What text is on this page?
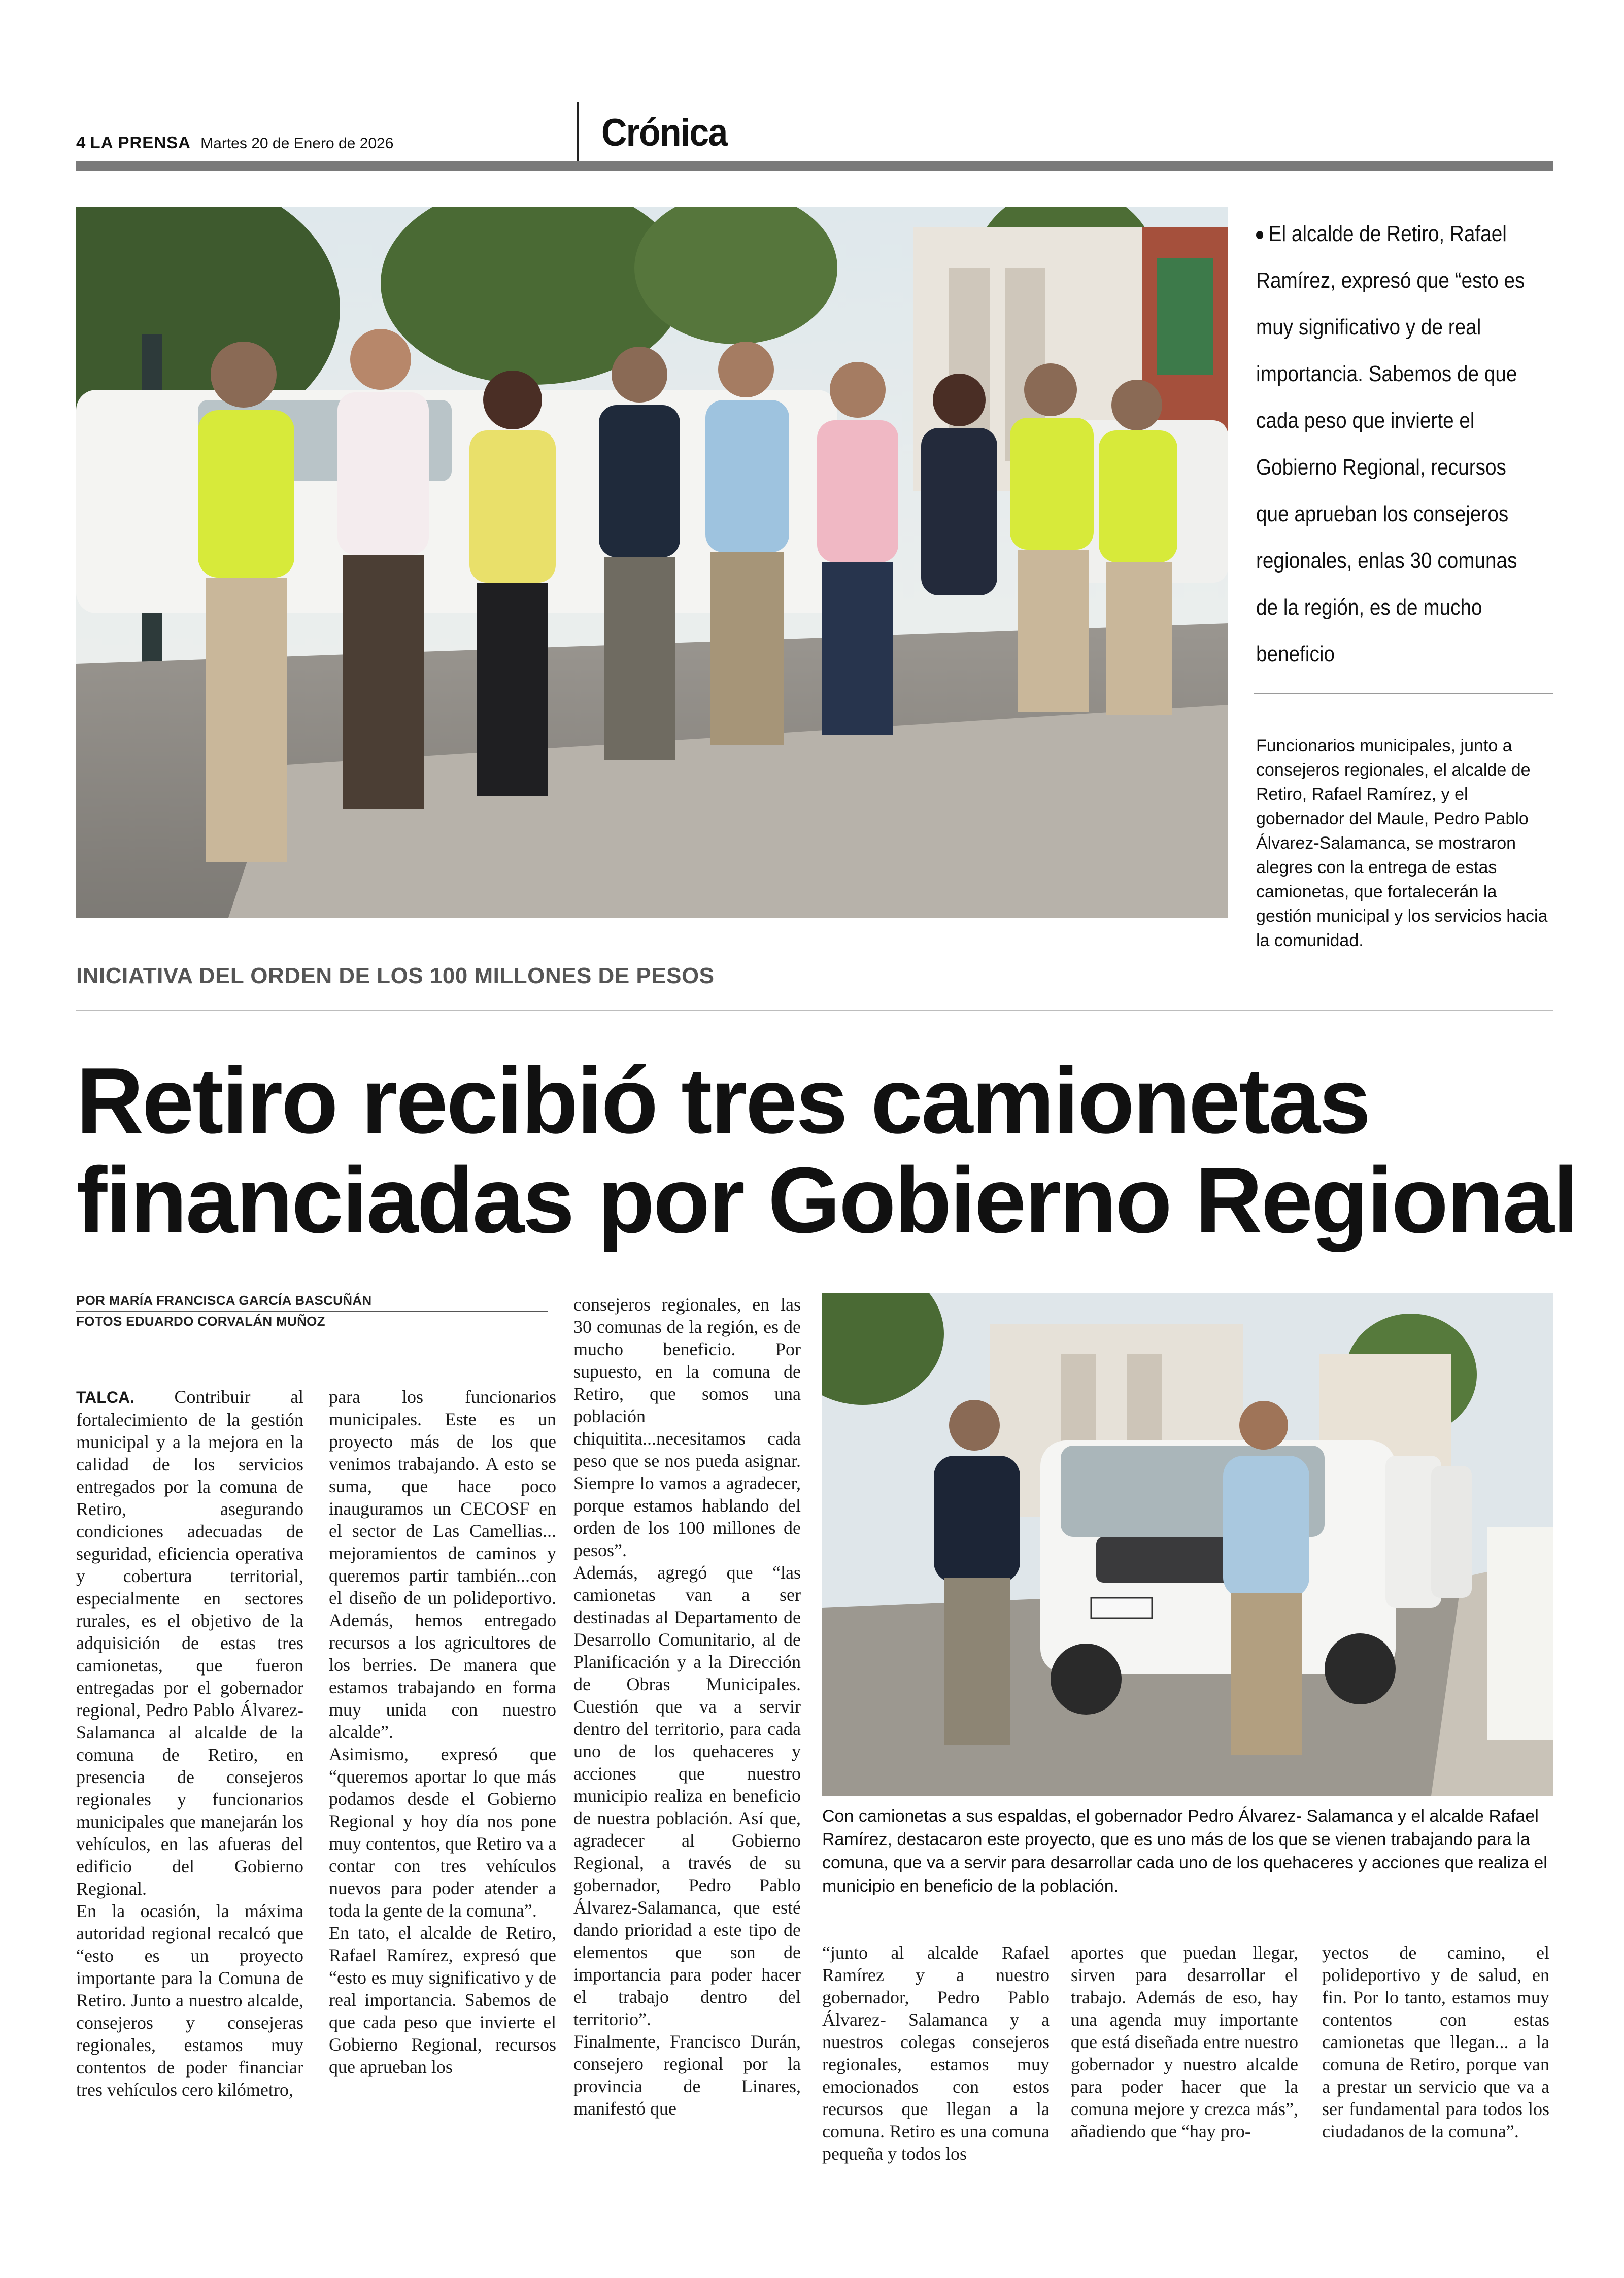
4 LA PRENSA Martes 20 de Enero de 2026	Crónica
El alcalde de Retiro, Rafael Ramírez, expresó que “esto es muy significativo y de real importancia. Sabemos de que cada peso que invierte el Gobierno Regional, recursos que aprueban los consejeros regionales, enlas 30 comunas de la región, es de mucho beneficio
Funcionarios municipales, junto a consejeros regionales, el alcalde de Retiro, Rafael Ramírez, y el gobernador del Maule, Pedro Pablo Álvarez-Salamanca, se mostraron alegres con la entrega de estas camionetas, que fortalecerán la gestión municipal y los servicios hacia la comunidad.
INICIATIVA DEL ORDEN DE LOS 100 MILLONES DE PESOS
Retiro recibió tres camionetas
financiadas por Gobierno Regional
POR MARÍA FRANCISCA GARCÍA BASCUÑÁN
FOTOS EDUARDO CORVALÁN MUÑOZ

TALCA. Contribuir al fortalecimiento de la gestión municipal y a la mejora en la calidad de los servicios entregados por la comuna de Retiro, asegurando condiciones adecuadas de seguridad, eficiencia operativa y cobertura territorial, especialmente en sectores rurales, es el objetivo de la adquisición de estas tres camionetas, que fueron entregadas por el gobernador regional, Pedro Pablo Álvarez-Salamanca al alcalde de la comuna de Retiro, en presencia de consejeros regionales y funcionarios municipales que manejarán los vehículos, en las afueras del edificio del Gobierno Regional.

En la ocasión, la máxima autoridad regional recalcó que “esto es un proyecto importante para la Comuna de Retiro. Junto a nuestro alcalde, consejeros y consejeras regionales, estamos muy contentos de poder financiar tres vehículos cero kilómetro,

para los funcionarios municipales. Este es un proyecto más de los que venimos trabajando. A esto se suma, que hace poco inauguramos un CECOSF en el sector de Las Camellias... mejoramientos de caminos y queremos partir también...con el diseño de un polideportivo. Además, hemos entregado recursos a los agricultores de los berries. De manera que estamos trabajando en forma muy unida con nuestro alcalde”.

Asimismo, expresó que “queremos aportar lo que más podamos desde el Gobierno Regional y hoy día nos pone muy contentos, que Retiro va a contar con tres vehículos nuevos para poder atender a toda la gente de la comuna”.

En tato, el alcalde de Retiro, Rafael Ramírez, expresó que “esto es muy significativo y de real importancia. Sabemos de que cada peso que invierte el Gobierno Regional, recursos que aprueban los

consejeros regionales, en las 30 comunas de la región, es de mucho beneficio. Por supuesto, en la comuna de Retiro, que somos una población chiquitita...necesitamos cada peso que se nos pueda asignar. Siempre lo vamos a agradecer, porque estamos hablando del orden de los 100 millones de pesos”.

Además, agregó que “las camionetas van a ser destinadas al Departamento de Desarrollo Comunitario, al de Planificación y a la Dirección de Obras Municipales. Cuestión que va a servir dentro del territorio, para cada uno de los quehaceres y acciones que nuestro municipio realiza en beneficio de nuestra población. Así que, agradecer al Gobierno Regional, a través de su gobernador, Pedro Pablo Álvarez-Salamanca, que esté dando prioridad a este tipo de elementos que son de importancia para poder hacer el trabajo dentro del territorio”.

Finalmente, Francisco Durán, consejero regional por la provincia de Linares, manifestó que

Con camionetas a sus espaldas, el gobernador Pedro Álvarez- Salamanca y el alcalde Rafael Ramírez, destacaron este proyecto, que es uno más de los que se vienen trabajando para la comuna, que va a servir para desarrollar cada uno de los quehaceres y acciones que realiza el municipio en beneficio de la población.

“junto al alcalde Rafael Ramírez y a nuestro gobernador, Pedro Pablo Álvarez- Salamanca y a nuestros colegas consejeros regionales, estamos muy emocionados con estos recursos que llegan a la comuna. Retiro es una comuna pequeña y todos los

aportes que puedan llegar, sirven para desarrollar el trabajo. Además de eso, hay una agenda muy importante que está diseñada entre nuestro gobernador y nuestro alcalde para poder hacer que la comuna mejore y crezca más”, añadiendo que “hay pro-

yectos de camino, el polideportivo y de salud, en fin. Por lo tanto, estamos muy contentos con estas camionetas que llegan... a la comuna de Retiro, porque van a prestar un servicio que va a ser fundamental para todos los ciudadanos de la comuna”.
